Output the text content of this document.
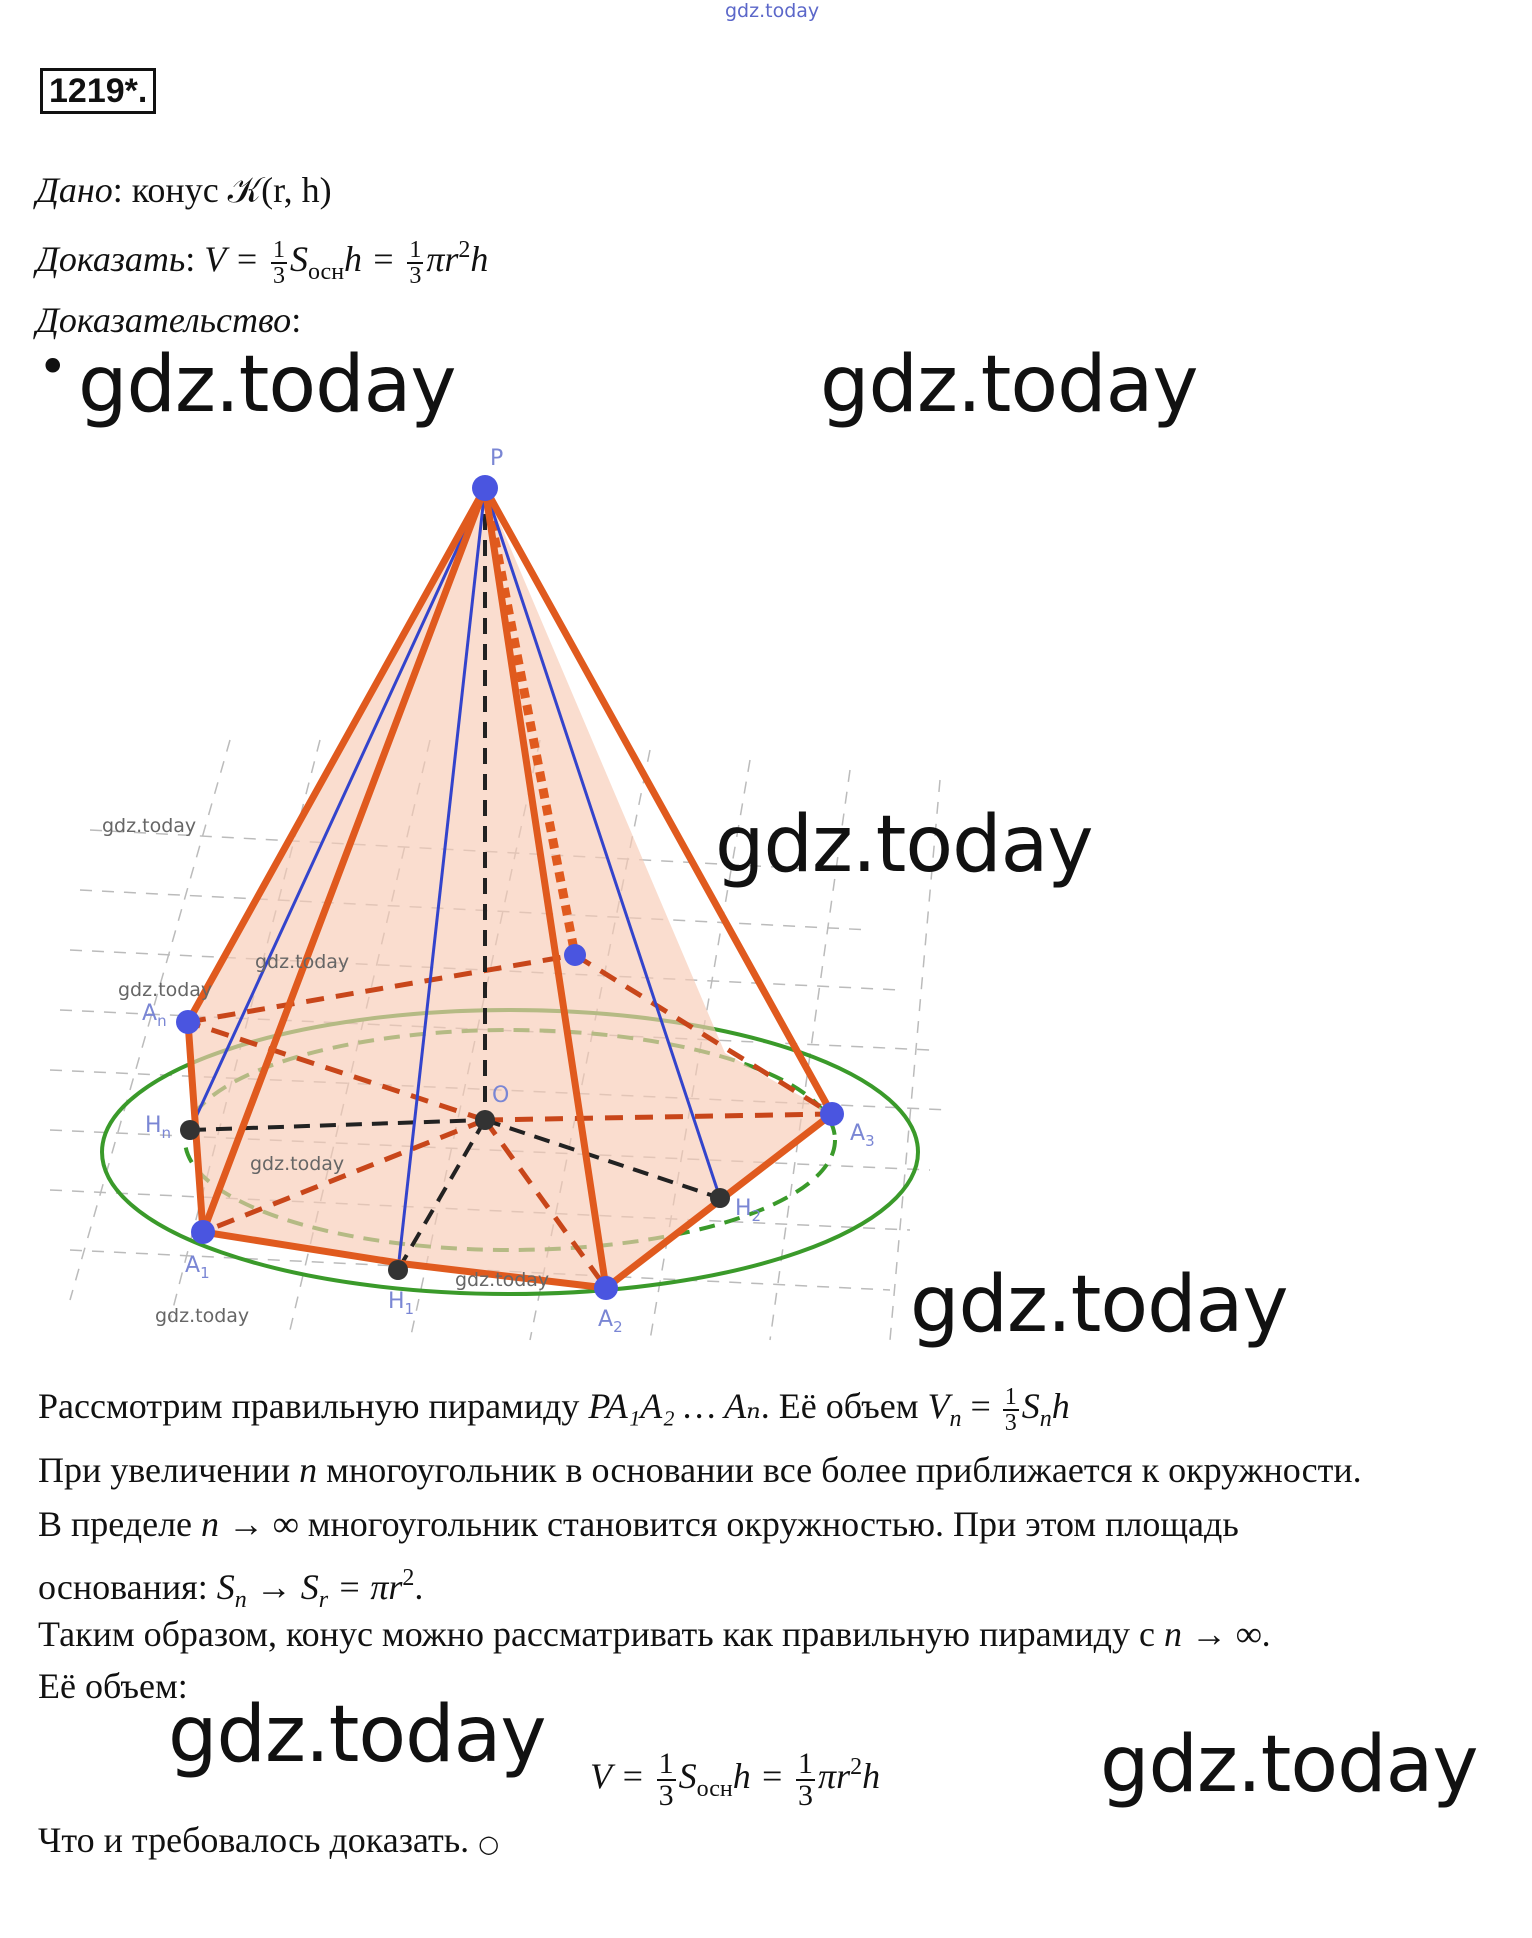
gdz.today
1219*.
Дано: конус 𝒦(r, h)
Доказать: $V = \frac{1}{3} S_{осн}h = \frac{1}{3} \pi r^2h$
Доказательство:
• gdz.today	gdz.today
P
O
$A_n$
$A_1$
$A_2$
$A_3$
$H_n$
$H_1$
$H_2$
gdz.today
gdz.today
gdz.today
gdz.today
gdz.today
gdz.today
gdz.today
gdz.today
Рассмотрим правильную пирамиду PA₁A₂ … Aₙ. Её объем $V_n = \frac{1}{3} S_nh$
При увеличении n многоугольник в основании все более приближается к окружности.
В пределе n → ∞ многоугольник становится окружностью. При этом площадь
основания: $S_n \to S_r = \pi r^2$.
Таким образом, конус можно рассматривать как правильную пирамиду с n → ∞.
Её объем:
gdz.today	gdz.today
$V = \frac{1}{3} S_{осн}h = \frac{1}{3} \pi r^2h$
Что и требовалось доказать. ○
